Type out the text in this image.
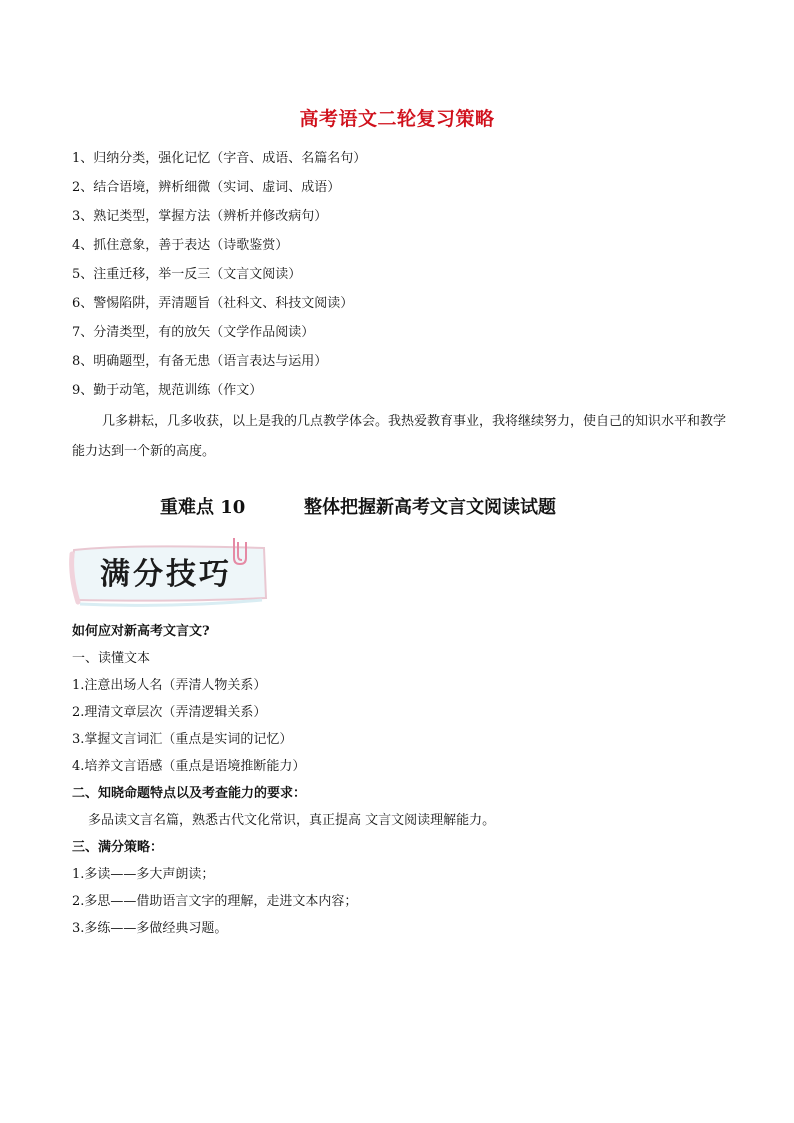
高考语文二轮复习策略
1、归纳分类，强化记忆（字音、成语、名篇名句）
2、结合语境，辨析细微（实词、虚词、成语）
3、熟记类型，掌握方法（辨析并修改病句）
4、抓住意象，善于表达（诗歌鉴赏）
5、注重迁移，举一反三（文言文阅读）
6、警惕陷阱，弄清题旨（社科文、科技文阅读）
7、分清类型，有的放矢（文学作品阅读）
8、明确题型，有备无患（语言表达与运用）
9、勤于动笔，规范训练（作文）

几多耕耘，几多收获，以上是我的几点教学体会。我热爱教育事业，我将继续努力，使自己的知识水平和教学能力达到一个新的高度。

重难点 10	整体把握新高考文言文阅读试题
满分技巧
如何应对新高考文言文?
一、读懂文本
1.注意出场人名（弄清人物关系）
2.理清文章层次（弄清逻辑关系）
3.掌握文言词汇（重点是实词的记忆）
4.培养文言语感（重点是语境推断能力）
二、知晓命题特点以及考查能力的要求：
多品读文言名篇，熟悉古代文化常识，真正提高 文言文阅读理解能力。
三、满分策略：
1.多读——多大声朗读；
2.多思——借助语言文字的理解，走进文本内容；
3.多练——多做经典习题。
